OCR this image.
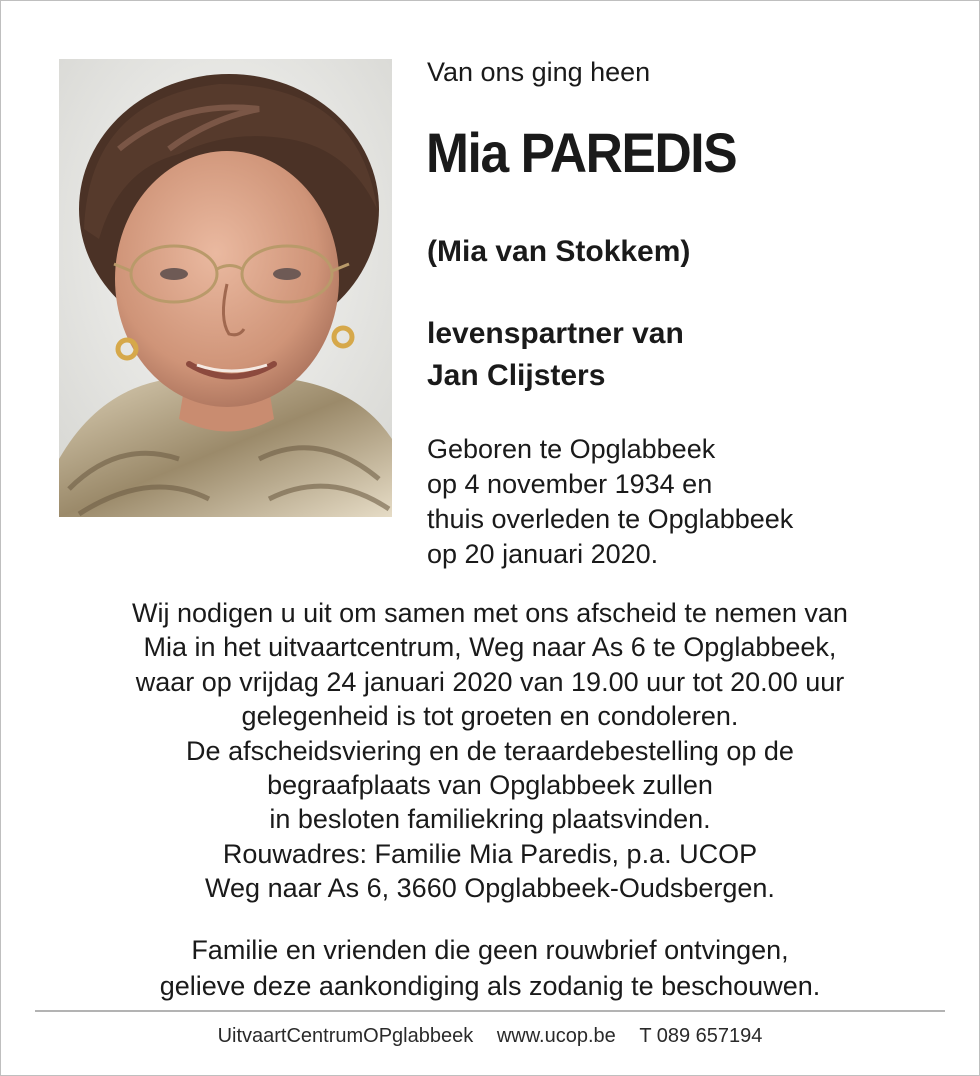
Van ons ging heen
Mia PAREDIS
(Mia van Stokkem)
levenspartner van
Jan Clijsters
Geboren te Opglabbeek
op 4 november 1934 en
thuis overleden te Opglabbeek
op 20 januari 2020.
Wij nodigen u uit om samen met ons afscheid te nemen van
Mia in het uitvaartcentrum, Weg naar As 6 te Opglabbeek,
waar op vrijdag 24 januari 2020 van 19.00 uur tot 20.00 uur
gelegenheid is tot groeten en condoleren.
De afscheidsviering en de teraardebestelling op de
begraafplaats van Opglabbeek zullen
in besloten familiekring plaatsvinden.
Rouwadres: Familie Mia Paredis, p.a. UCOP
Weg naar As 6, 3660 Opglabbeek-Oudsbergen.
Familie en vrienden die geen rouwbrief ontvingen,
gelieve deze aankondiging als zodanig te beschouwen.
UitvaartCentrumOPglabbeek www.ucop.be T 089 657194
